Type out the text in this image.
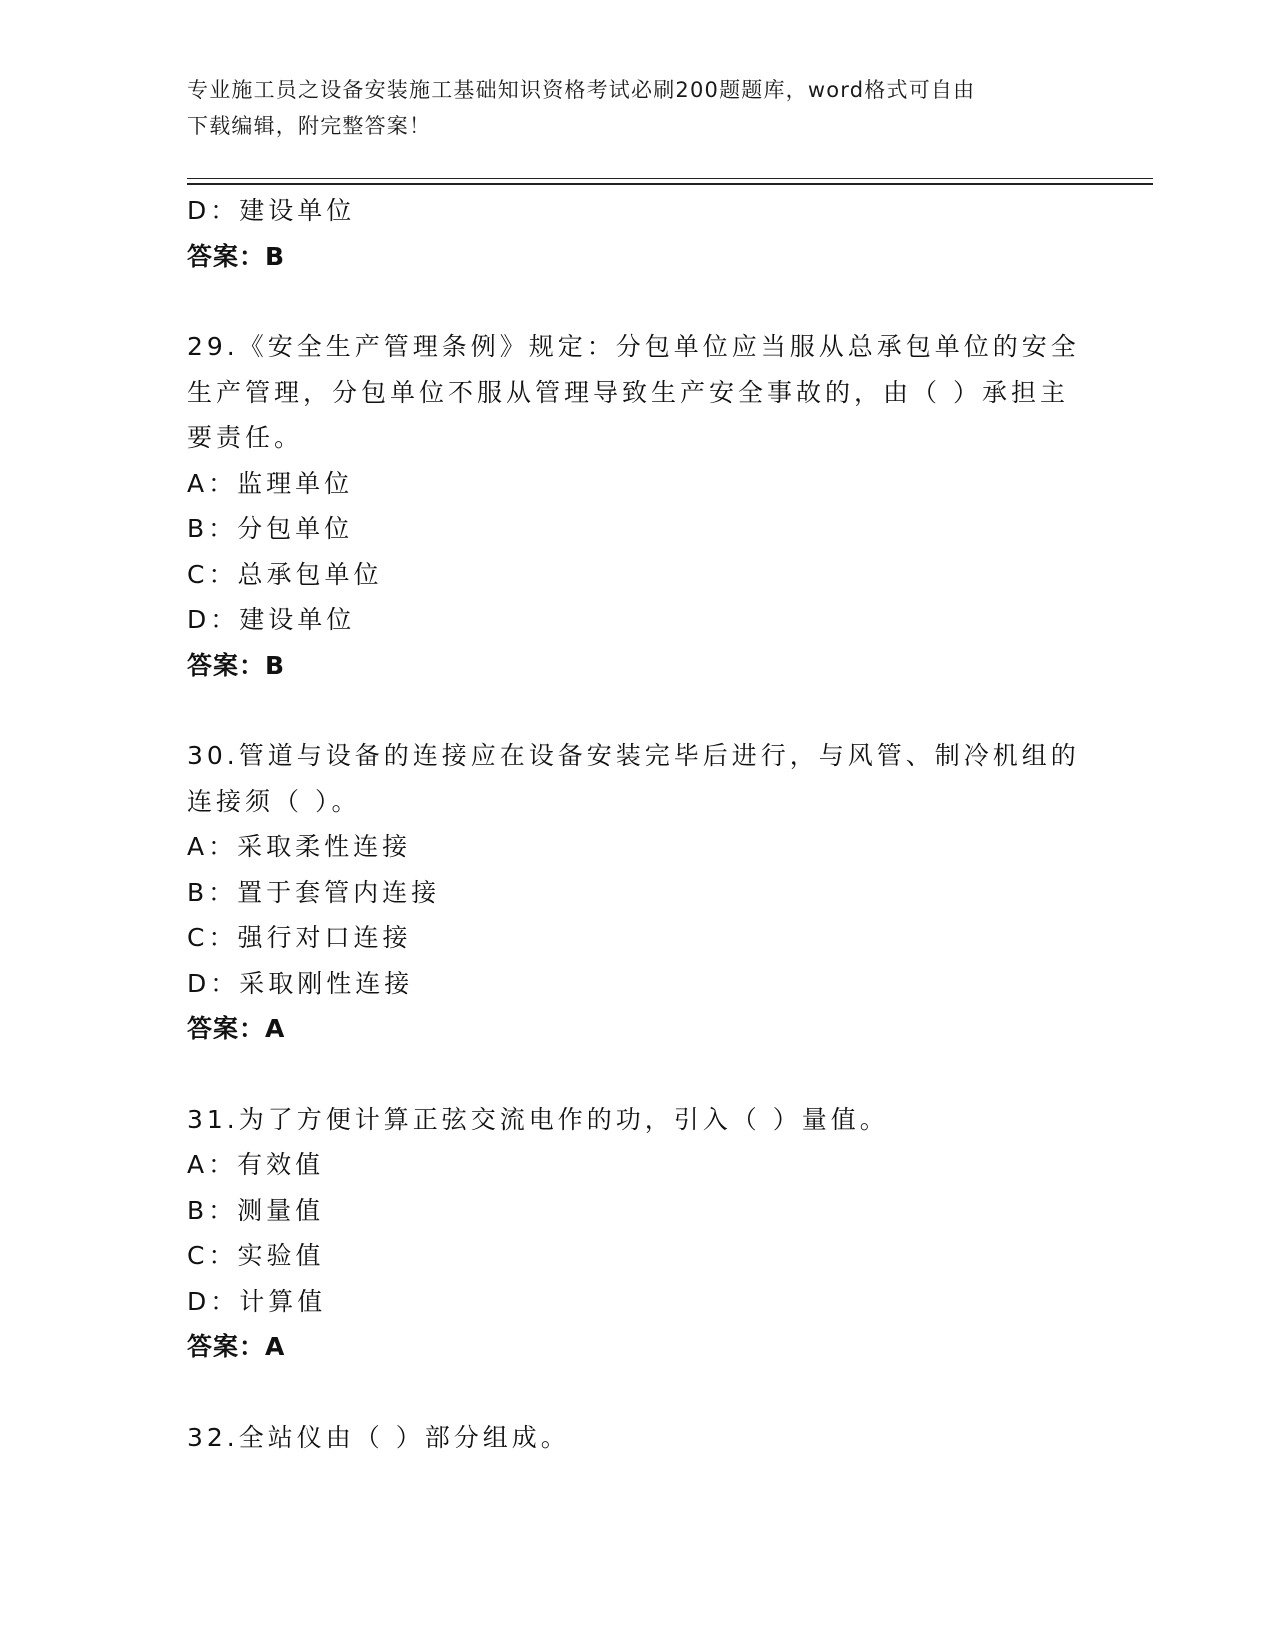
专业施工员之设备安装施工基础知识资格考试必刷200题题库，word格式可自由
下载编辑，附完整答案！
D：建设单位
答案：B
29.《安全生产管理条例》规定：分包单位应当服从总承包单位的安全
生产管理，分包单位不服从管理导致生产安全事故的，由（ ）承担主
要责任。
A：监理单位
B：分包单位
C：总承包单位
D：建设单位
答案：B
30.管道与设备的连接应在设备安装完毕后进行，与风管、制冷机组的
连接须（ ）。
A：采取柔性连接
B：置于套管内连接
C：强行对口连接
D：采取刚性连接
答案：A
31.为了方便计算正弦交流电作的功，引入（ ）量值。
A：有效值
B：测量值
C：实验值
D：计算值
答案：A
32.全站仪由（ ）部分组成。
